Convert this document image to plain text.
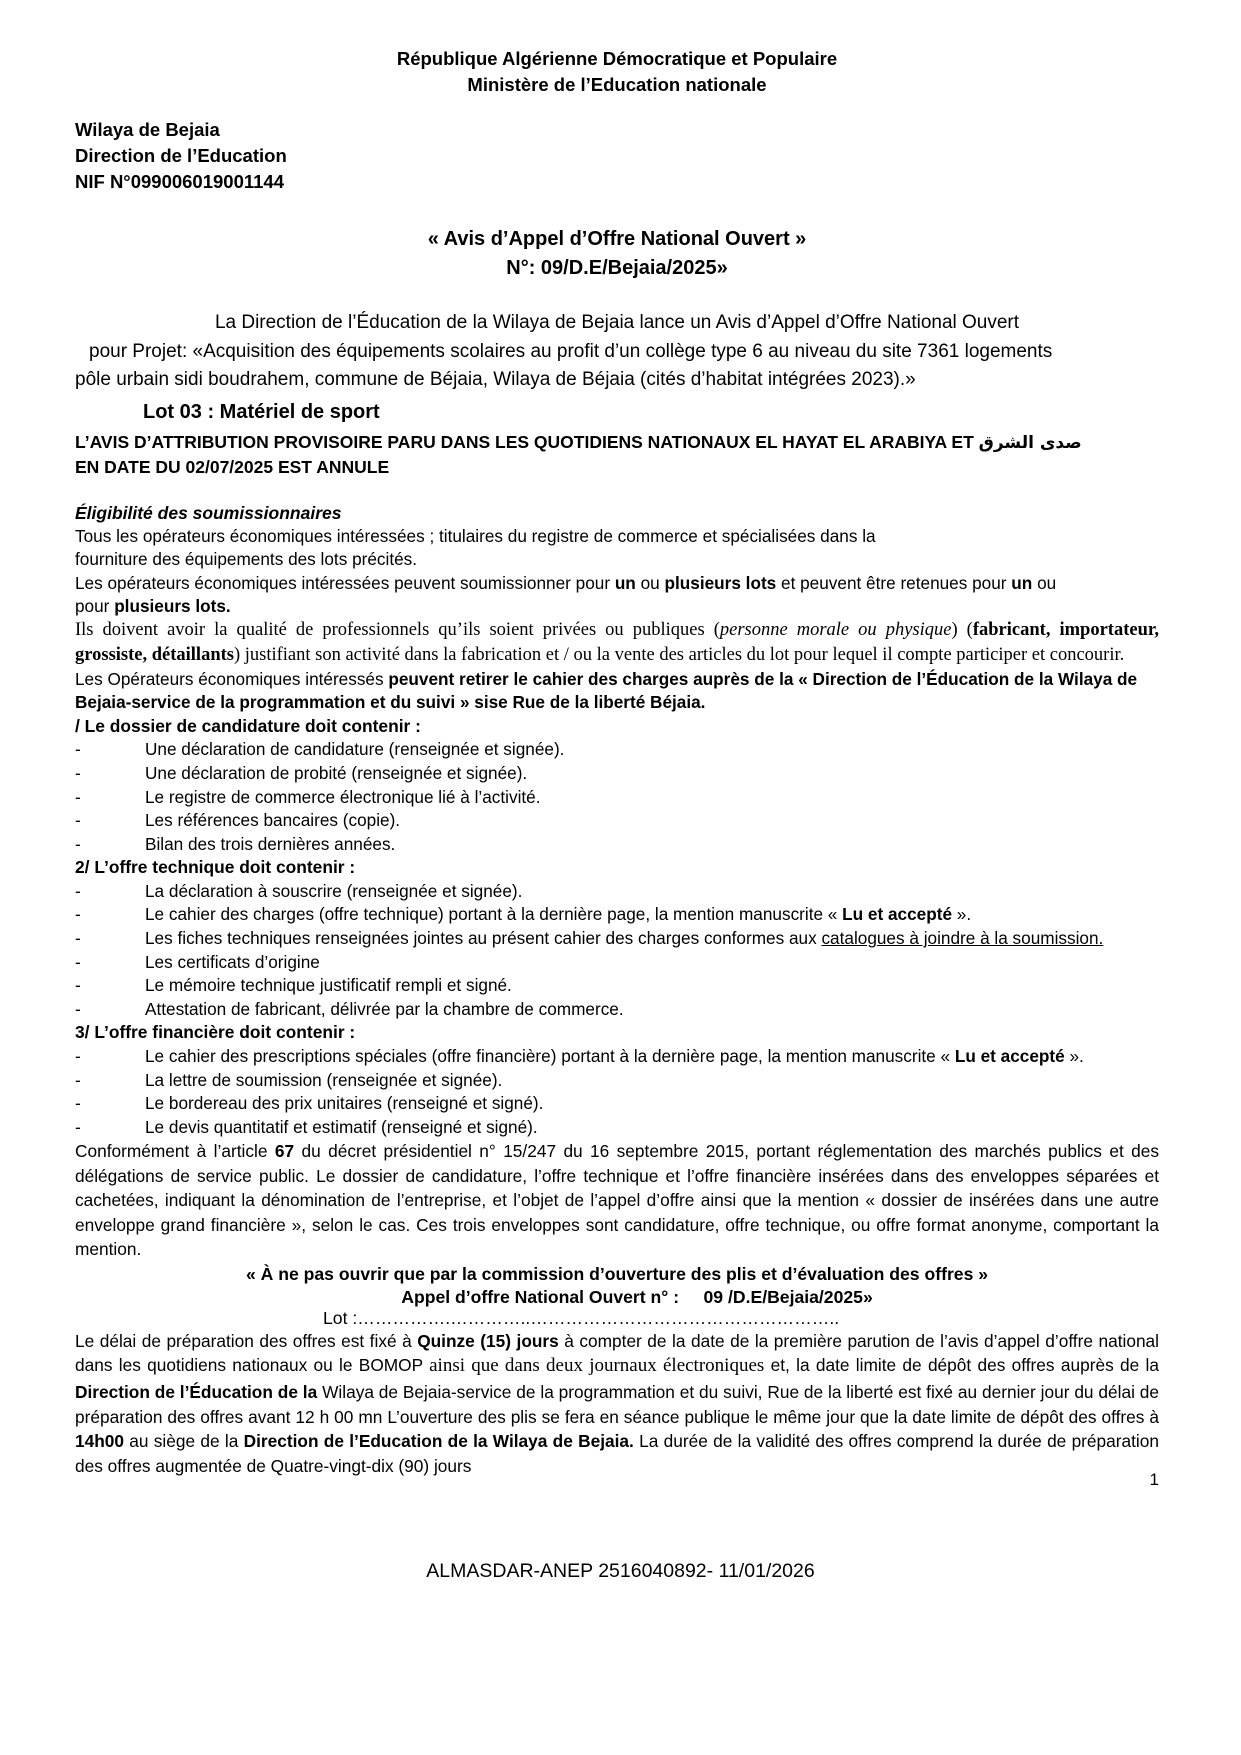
République Algérienne Démocratique et Populaire
Ministère de l’Education nationale
Wilaya de Bejaia
Direction de l’Education
NIF N°099006019001144
« Avis d’Appel d’Offre National Ouvert »
N°: 09/D.E/Bejaia/2025»
La Direction de l’Éducation de la Wilaya de Bejaia lance un Avis d’Appel d’Offre National Ouvert
pour Projet: «Acquisition des équipements scolaires au profit d’un collège type 6 au niveau du site 7361 logements
pôle urbain sidi boudrahem, commune de Béjaia, Wilaya de Béjaia (cités d’habitat intégrées 2023).»
Lot 03 : Matériel de sport
L’AVIS D’ATTRIBUTION PROVISOIRE PARU DANS LES QUOTIDIENS NATIONAUX EL HAYAT EL ARABIYA ET صدى الشرق
EN DATE DU 02/07/2025 EST ANNULE
Éligibilité des soumissionnaires

Tous les opérateurs économiques intéressées ; titulaires du registre de commerce et spécialisées dans la
fourniture des équipements des lots précités.

Les opérateurs économiques intéressées peuvent soumissionner pour un ou plusieurs lots et peuvent être retenues pour un ou
pour plusieurs lots.

Ils doivent avoir la qualité de professionnels qu’ils soient privées ou publiques (personne morale ou physique) (fabricant, importateur, grossiste, détaillants) justifiant son activité dans la fabrication et / ou la vente des articles du lot pour lequel il compte participer et concourir.

Les Opérateurs économiques intéressés peuvent retirer le cahier des charges auprès de la « Direction de l’Éducation de la Wilaya de Bejaia-service de la programmation et du suivi » sise Rue de la liberté Béjaia.

/ Le dossier de candidature doit contenir :

- Une déclaration de candidature (renseignée et signée).
- Une déclaration de probité (renseignée et signée).
- Le registre de commerce électronique lié à l’activité.
- Les références bancaires (copie).
- Bilan des trois dernières années.

2/ L’offre technique doit contenir :

- La déclaration à souscrire (renseignée et signée).
- Le cahier des charges (offre technique) portant à la dernière page, la mention manuscrite « Lu et accepté ».
- Les fiches techniques renseignées jointes au présent cahier des charges conformes aux catalogues à joindre à la soumission.
- Les certificats d’origine
- Le mémoire technique justificatif rempli et signé.
- Attestation de fabricant, délivrée par la chambre de commerce.

3/ L’offre financière doit contenir :

- Le cahier des prescriptions spéciales (offre financière) portant à la dernière page, la mention manuscrite « Lu et accepté ».
- La lettre de soumission (renseignée et signée).
- Le bordereau des prix unitaires (renseigné et signé).
- Le devis quantitatif et estimatif (renseigné et signé).

Conformément à l’article 67 du décret présidentiel n° 15/247 du 16 septembre 2015, portant réglementation des marchés publics et des délégations de service public. Le dossier de candidature, l’offre technique et l’offre financière insérées dans des enveloppes séparées et cachetées, indiquant la dénomination de l’entreprise, et l’objet de l’appel d’offre ainsi que la mention « dossier de insérées dans une autre enveloppe grand financière », selon le cas. Ces trois enveloppes sont candidature, offre technique, ou offre format anonyme, comportant la mention.

« À ne pas ouvrir que par la commission d’ouverture des plis et d’évaluation des offres »
Appel d’offre National Ouvert n° : 09 /D.E/Bejaia/2025»
Lot :…………….…………..……………………………………………..

Le délai de préparation des offres est fixé à Quinze (15) jours à compter de la date de la première parution de l’avis d’appel d’offre national dans les quotidiens nationaux ou le BOMOP ainsi que dans deux journaux électroniques et, la date limite de dépôt des offres auprès de la Direction de l’Éducation de la Wilaya de Bejaia-service de la programmation et du suivi, Rue de la liberté est fixé au dernier jour du délai de préparation des offres avant 12 h 00 mn L’ouverture des plis se fera en séance publique le même jour que la date limite de dépôt des offres à 14h00 au siège de la Direction de l’Education de la Wilaya de Bejaia. La durée de la validité des offres comprend la durée de préparation des offres augmentée de Quatre-vingt-dix (90) jours

1
ALMASDAR-ANEP 2516040892- 11/01/2026
